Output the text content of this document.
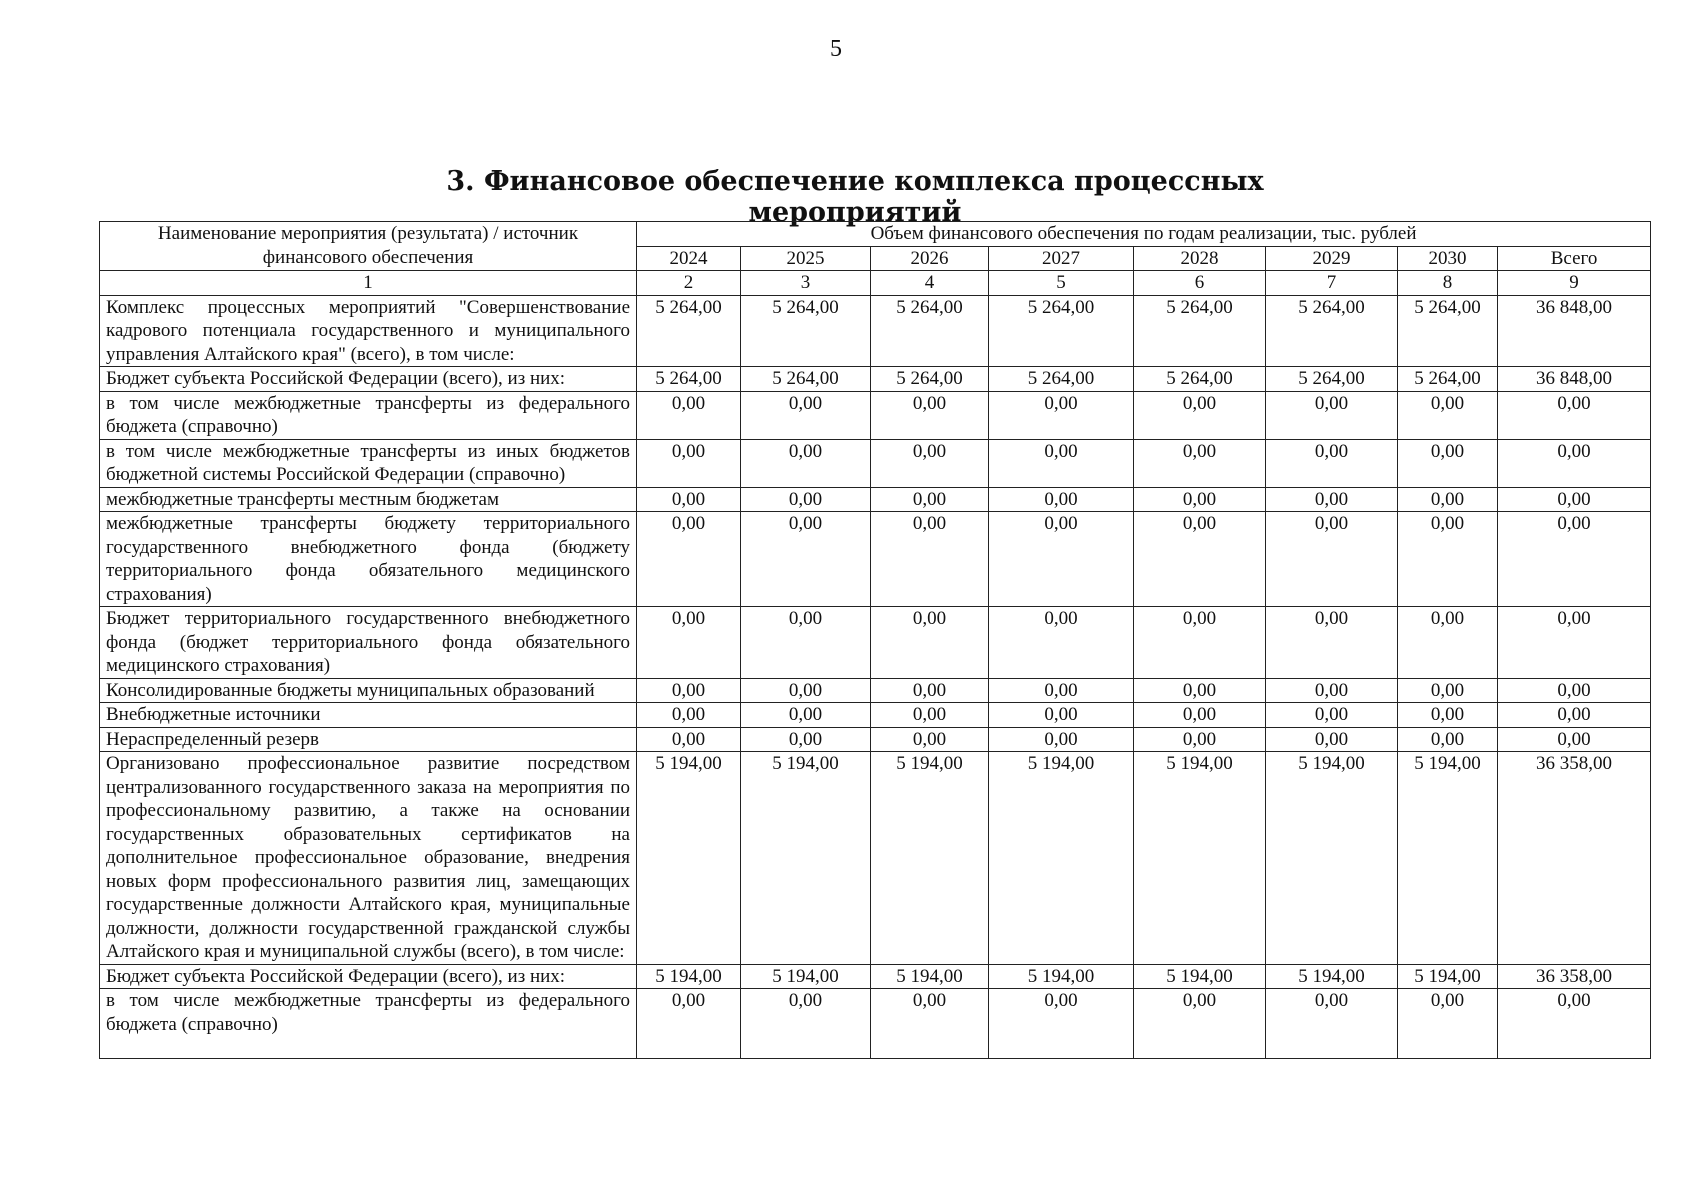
5
3. Финансовое обеспечение комплекса процессных мероприятий
Наименование мероприятия (результата) / источник финансового обеспечения	Объем финансового обеспечения по годам реализации, тыс. рублей							
	2024	2025	2026	2027	2028	2029	2030	Всего
1	2	3	4	5	6	7	8	9
Комплекс процессных мероприятий "Совершенствование кадрового потенциала государственного и муниципального управления Алтайского края" (всего), в том числе:	5 264,00	5 264,00	5 264,00	5 264,00	5 264,00	5 264,00	5 264,00	36 848,00
Бюджет субъекта Российской Федерации (всего), из них:	5 264,00	5 264,00	5 264,00	5 264,00	5 264,00	5 264,00	5 264,00	36 848,00
в том числе межбюджетные трансферты из федерального бюджета (справочно)	0,00	0,00	0,00	0,00	0,00	0,00	0,00	0,00
в том числе межбюджетные трансферты из иных бюджетов бюджетной системы Российской Федерации (справочно)	0,00	0,00	0,00	0,00	0,00	0,00	0,00	0,00
межбюджетные трансферты местным бюджетам	0,00	0,00	0,00	0,00	0,00	0,00	0,00	0,00
межбюджетные трансферты бюджету территориального государственного внебюджетного фонда (бюджету территориального фонда обязательного медицинского страхования)	0,00	0,00	0,00	0,00	0,00	0,00	0,00	0,00
Бюджет территориального государственного внебюджетного фонда (бюджет территориального фонда обязательного медицинского страхования)	0,00	0,00	0,00	0,00	0,00	0,00	0,00	0,00
Консолидированные бюджеты муниципальных образований	0,00	0,00	0,00	0,00	0,00	0,00	0,00	0,00
Внебюджетные источники	0,00	0,00	0,00	0,00	0,00	0,00	0,00	0,00
Нераспределенный резерв	0,00	0,00	0,00	0,00	0,00	0,00	0,00	0,00
Организовано профессиональное развитие посредством централизованного государственного заказа на мероприятия по профессиональному развитию, а также на основании государственных образовательных сертификатов на дополнительное профессиональное образование, внедрения новых форм профессионального развития лиц, замещающих государственные должности Алтайского края, муниципальные должности, должности государственной гражданской службы Алтайского края и муниципальной службы (всего), в том числе:	5 194,00	5 194,00	5 194,00	5 194,00	5 194,00	5 194,00	5 194,00	36 358,00
Бюджет субъекта Российской Федерации (всего), из них:	5 194,00	5 194,00	5 194,00	5 194,00	5 194,00	5 194,00	5 194,00	36 358,00
в том числе межбюджетные трансферты из федерального бюджета (справочно)	0,00	0,00	0,00	0,00	0,00	0,00	0,00	0,00
